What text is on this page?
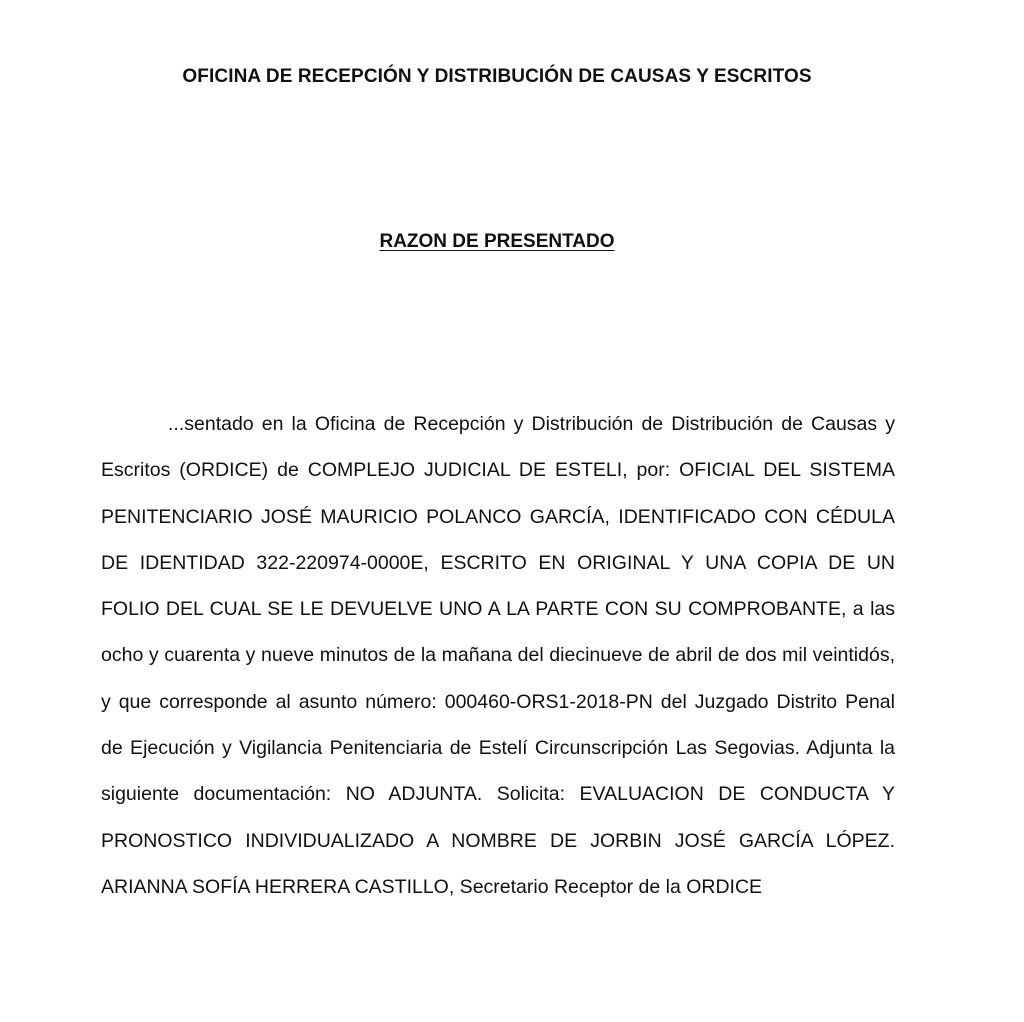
OFICINA DE RECEPCIÓN Y DISTRIBUCIÓN DE CAUSAS Y ESCRITOS
RAZON DE PRESENTADO

...sentado en la Oficina de Recepción y Distribución de Distribución de Causas y Escritos (ORDICE) de COMPLEJO JUDICIAL DE ESTELI, por: OFICIAL DEL SISTEMA PENITENCIARIO JOSÉ MAURICIO POLANCO GARCÍA, IDENTIFICADO CON CÉDULA DE IDENTIDAD 322-220974-0000E, ESCRITO EN ORIGINAL Y UNA COPIA DE UN FOLIO DEL CUAL SE LE DEVUELVE UNO A LA PARTE CON SU COMPROBANTE, a las ocho y cuarenta y nueve minutos de la mañana del diecinueve de abril de dos mil veintidós, y que corresponde al asunto número: 000460-ORS1-2018-PN del Juzgado Distrito Penal de Ejecución y Vigilancia Penitenciaria de Estelí Circunscripción Las Segovias. Adjunta la siguiente documentación: NO ADJUNTA. Solicita: EVALUACION DE CONDUCTA Y PRONOSTICO INDIVIDUALIZADO A NOMBRE DE JORBIN JOSÉ GARCÍA LÓPEZ. ARIANNA SOFÍA HERRERA CASTILLO, Secretario Receptor de la ORDICE
